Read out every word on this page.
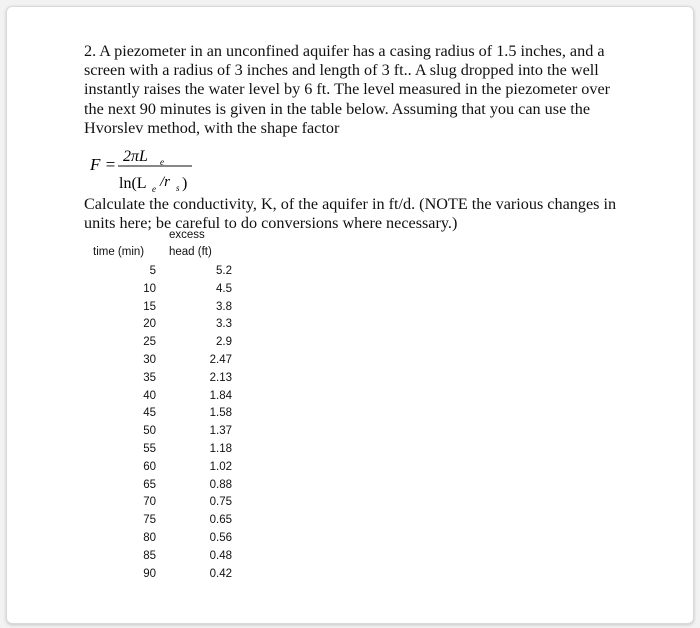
2. A piezometer in an unconfined aquifer has a casing radius of 1.5 inches, and a screen with a radius of 3 inches and length of 3 ft.. A slug dropped into the well instantly raises the water level by 6 ft. The level measured in the piezometer over the next 90 minutes is given in the table below. Assuming that you can use the Hvorslev method, with the shape factor

F = 2πL e
ln(L e /r s )

Calculate the conductivity, K, of the aquifer in ft/d. (NOTE the various changes in units here; be careful to do conversions where necessary.)

excess
time (min) head (ft)
5
10
15
20
25
30
35
40
45
50
55
60
65
70
75
80
85
90
5.2
4.5
3.8
3.3
2.9
2.47
2.13
1.84
1.58
1.37
1.18
1.02
0.88
0.75
0.65
0.56
0.48
0.42
